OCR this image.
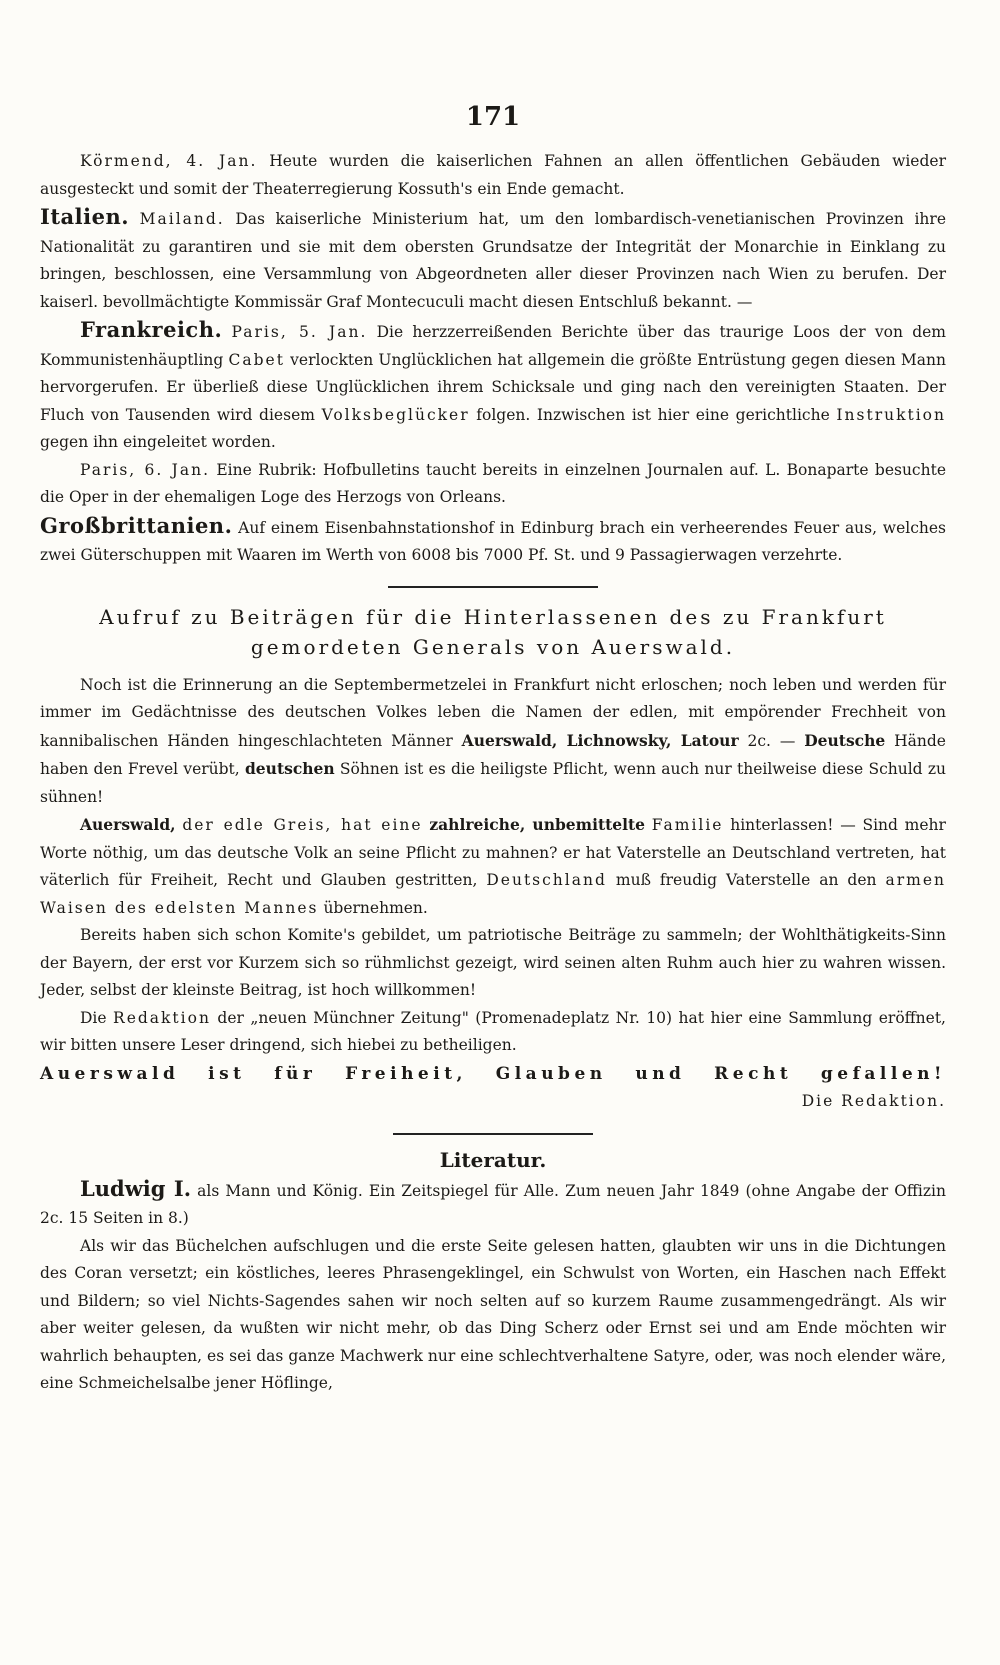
171

Körmend, 4. Jan. Heute wurden die kaiserlichen Fahnen an allen öffentlichen Gebäuden wieder ausgesteckt und somit der Theaterregierung Kossuth's ein Ende gemacht.

Italien. Mailand. Das kaiserliche Ministerium hat, um den lombardisch-venetianischen Provinzen ihre Nationalität zu garantiren und sie mit dem obersten Grundsatze der Integrität der Monarchie in Einklang zu bringen, beschlossen, eine Versammlung von Abgeordneten aller dieser Provinzen nach Wien zu berufen. Der kaiserl. bevollmächtigte Kommissär Graf Montecuculi macht diesen Entschluß bekannt. —

Frankreich. Paris, 5. Jan. Die herzzerreißenden Berichte über das traurige Loos der von dem Kommunistenhäuptling Cabet verlockten Unglücklichen hat allgemein die größte Entrüstung gegen diesen Mann hervorgerufen. Er überließ diese Unglücklichen ihrem Schicksale und ging nach den vereinigten Staaten. Der Fluch von Tausenden wird diesem Volksbeglücker folgen. Inzwischen ist hier eine gerichtliche Instruktion gegen ihn eingeleitet worden.

Paris, 6. Jan. Eine Rubrik: Hofbulletins taucht bereits in einzelnen Journalen auf. L. Bonaparte besuchte die Oper in der ehemaligen Loge des Herzogs von Orleans.

Großbrittanien. Auf einem Eisenbahnstationshof in Edinburg brach ein verheerendes Feuer aus, welches zwei Güterschuppen mit Waaren im Werth von 6008 bis 7000 Pf. St. und 9 Passagierwagen verzehrte.

Aufruf zu Beiträgen für die Hinterlassenen des zu Frankfurt
gemordeten Generals von Auerswald.

Noch ist die Erinnerung an die Septembermetzelei in Frankfurt nicht erloschen; noch leben und werden für immer im Gedächtnisse des deutschen Volkes leben die Namen der edlen, mit empörender Frechheit von kannibalischen Händen hingeschlachteten Männer Auerswald, Lichnowsky, Latour 2c. — Deutsche Hände haben den Frevel verübt, deutschen Söhnen ist es die heiligste Pflicht, wenn auch nur theilweise diese Schuld zu sühnen!

Auerswald, der edle Greis, hat eine zahlreiche, unbemittelte Familie hinterlassen! — Sind mehr Worte nöthig, um das deutsche Volk an seine Pflicht zu mahnen? er hat Vaterstelle an Deutschland vertreten, hat väterlich für Freiheit, Recht und Glauben gestritten, Deutschland muß freudig Vaterstelle an den armen Waisen des edelsten Mannes übernehmen.

Bereits haben sich schon Komite's gebildet, um patriotische Beiträge zu sammeln; der Wohlthätigkeits-Sinn der Bayern, der erst vor Kurzem sich so rühmlichst gezeigt, wird seinen alten Ruhm auch hier zu wahren wissen. Jeder, selbst der kleinste Beitrag, ist hoch willkommen!

Die Redaktion der „neuen Münchner Zeitung" (Promenadeplatz Nr. 10) hat hier eine Sammlung eröffnet, wir bitten unsere Leser dringend, sich hiebei zu betheiligen.

Auerswald ist für Freiheit, Glauben und Recht gefallen!

Die Redaktion.

Literatur.

Ludwig I. als Mann und König. Ein Zeitspiegel für Alle. Zum neuen Jahr 1849 (ohne Angabe der Offizin 2c. 15 Seiten in 8.)

Als wir das Büchelchen aufschlugen und die erste Seite gelesen hatten, glaubten wir uns in die Dichtungen des Coran versetzt; ein köstliches, leeres Phrasengeklingel, ein Schwulst von Worten, ein Haschen nach Effekt und Bildern; so viel Nichts-Sagendes sahen wir noch selten auf so kurzem Raume zusammengedrängt. Als wir aber weiter gelesen, da wußten wir nicht mehr, ob das Ding Scherz oder Ernst sei und am Ende möchten wir wahrlich behaupten, es sei das ganze Machwerk nur eine schlechtverhaltene Satyre, oder, was noch elender wäre, eine Schmeichelsalbe jener Höflinge,
